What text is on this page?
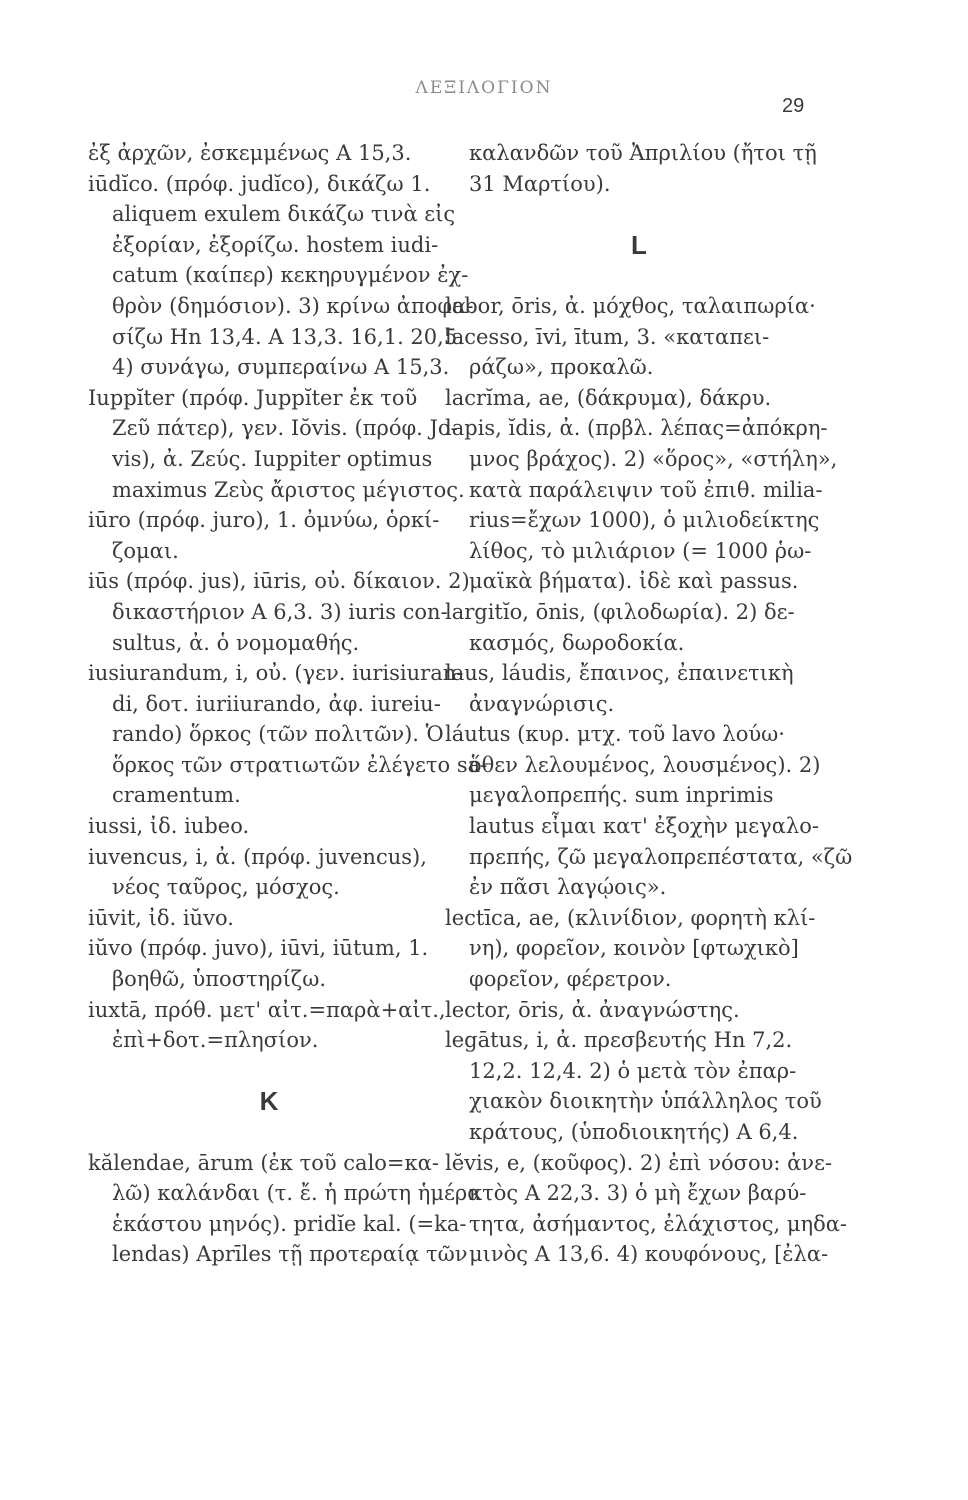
ΛΕΞΙΛΟΓΙΟΝ
29
ἐξ ἀρχῶν, ἐσκεμμένως A 15,3.
iūdĭco. (πρόφ. judĭco), δικάζω 1.
aliquem exulem δικάζω τινὰ εἰς
ἐξορίαν, ἐξορίζω. hostem iudi-
catum (καίπερ) κεκηρυγμένον ἐχ-
θρὸν (δημόσιον). 3) κρίνω ἀποφα-
σίζω Hn 13,4. A 13,3. 16,1. 20,5.
4) συνάγω, συμπεραίνω A 15,3.
Iuppĭter (πρόφ. Juppĭter ἐκ τοῦ
Ζεῦ πάτερ), γεν. Iŏvis. (πρόφ. Jo-
vis), ἀ. Ζεύς. Iuppiter optimus
maximus Ζεὺς ἄριστος μέγιστος.
iūro (πρόφ. juro), 1. ὀμνύω, ὁρκί-
ζομαι.
iūs (πρόφ. jus), iūris, οὐ. δίκαιον. 2)
δικαστήριον A 6,3. 3) iuris con-
sultus, ἀ. ὁ νομομαθής.
iusiurandum, i, οὐ. (γεν. iurisiuran-
di, δοτ. iuriiurando, ἀφ. iureiu-
rando) ὅρκος (τῶν πολιτῶν). Ὁ
ὅρκος τῶν στρατιωτῶν ἐλέγετο sa-
cramentum.
iussi, ἰδ. iubeo.
iuvencus, i, ἀ. (πρόφ. juvencus),
νέος ταῦρος, μόσχος.
iūvit, ἰδ. iŭvo.
iŭvo (πρόφ. juvo), iūvi, iūtum, 1.
βοηθῶ, ὑποστηρίζω.
iuxtā, πρόθ. μετ' αἰτ.=παρὰ+αἰτ.,
ἐπὶ+δοτ.=πλησίον.
K
kălendae, ārum (ἐκ τοῦ calo=κα-
λῶ) καλάνδαι (τ. ἔ. ἡ πρώτη ἡμέρα
ἑκάστου μηνός). pridĭe kal. (=ka-
lendas) Aprīles τῇ προτεραίᾳ τῶν
καλανδῶν τοῦ Ἀπριλίου (ἤτοι τῇ
31 Μαρτίου).
L
labor, ōris, ἀ. μόχθος, ταλαιπωρία·
lacesso, īvi, ītum, 3. «καταπει-
ράζω», προκαλῶ.
lacrĭma, ae, (δάκρυμα), δάκρυ.
lapis, ĭdis, ἀ. (πρβλ. λέπας=ἀπόκρη-
μνος βράχος). 2) «ὅρος», «στήλη»,
κατὰ παράλειψιν τοῦ ἐπιθ. milia-
rius=ἔχων 1000), ὁ μιλιοδείκτης
λίθος, τὸ μιλιάριον (= 1000 ῥω-
μαϊκὰ βήματα). ἰδὲ καὶ passus.
largitĭo, ōnis, (φιλοδωρία). 2) δε-
κασμός, δωροδοκία.
laus, láudis, ἔπαινος, ἐπαινετικὴ
ἀναγνώρισις.
láutus (κυρ. μτχ. τοῦ lavo λούω·
ὅθεν λελουμένος, λουσμένος). 2)
μεγαλοπρεπής. sum inprimis
lautus εἶμαι κατ' ἐξοχὴν μεγαλο-
πρεπής, ζῶ μεγαλοπρεπέστατα, «ζῶ
ἐν πᾶσι λαγῴοις».
lectīca, ae, (κλινίδιον, φορητὴ κλί-
νη), φορεῖον, κοινὸν [φτωχικὸ]
φορεῖον, φέρετρον.
lector, ōris, ἀ. ἀναγνώστης.
legātus, i, ἀ. πρεσβευτής Hn 7,2.
12,2. 12,4. 2) ὁ μετὰ τὸν ἐπαρ-
χιακὸν διοικητὴν ὑπάλληλος τοῦ
κράτους, (ὑποδιοικητής) A 6,4.
lĕvis, e, (κοῦφος). 2) ἐπὶ νόσου: ἀνε-
κτὸς A 22,3. 3) ὁ μὴ ἔχων βαρύ-
τητα, ἀσήμαντος, ἐλάχιστος, μηδα-
μινὸς A 13,6. 4) κουφόνους, [ἐλα-
